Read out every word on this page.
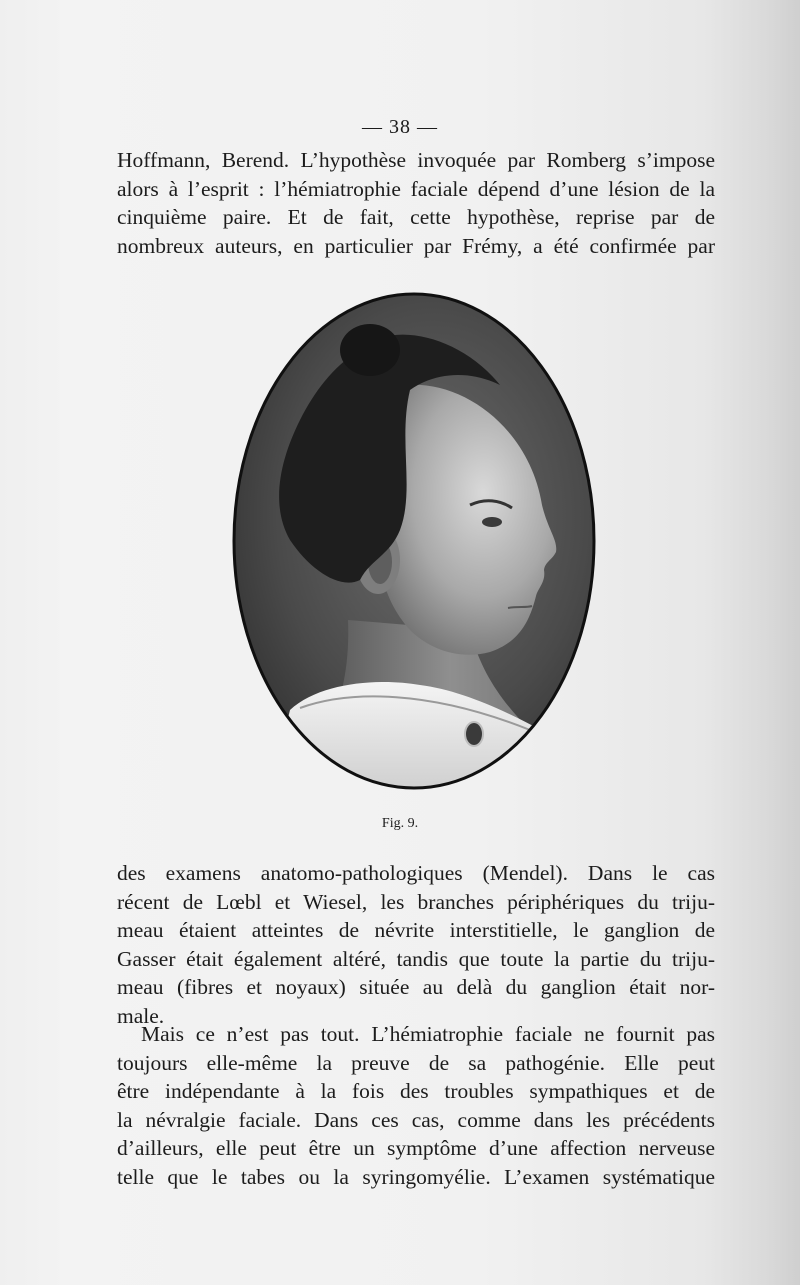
— 38 —

Hoffmann, Berend. L’hypothèse invoquée par Romberg s’impose
alors à l’esprit : l’hémiatrophie faciale dépend d’une lésion de la
cinquième paire. Et de fait, cette hypothèse, reprise par de
nombreux auteurs, en particulier par Frémy, a été confirmée par

Fig. 9.

des examens anatomo-pathologiques (Mendel). Dans le cas
récent de Lœbl et Wiesel, les branches périphériques du triju-
meau étaient atteintes de névrite interstitielle, le ganglion de
Gasser était également altéré, tandis que toute la partie du triju-
meau (fibres et noyaux) située au delà du ganglion était nor-
male.

Mais ce n’est pas tout. L’hémiatrophie faciale ne fournit pas
toujours elle-même la preuve de sa pathogénie. Elle peut
être indépendante à la fois des troubles sympathiques et de
la névralgie faciale. Dans ces cas, comme dans les précédents
d’ailleurs, elle peut être un symptôme d’une affection nerveuse
telle que le tabes ou la syringomyélie. L’examen systématique
